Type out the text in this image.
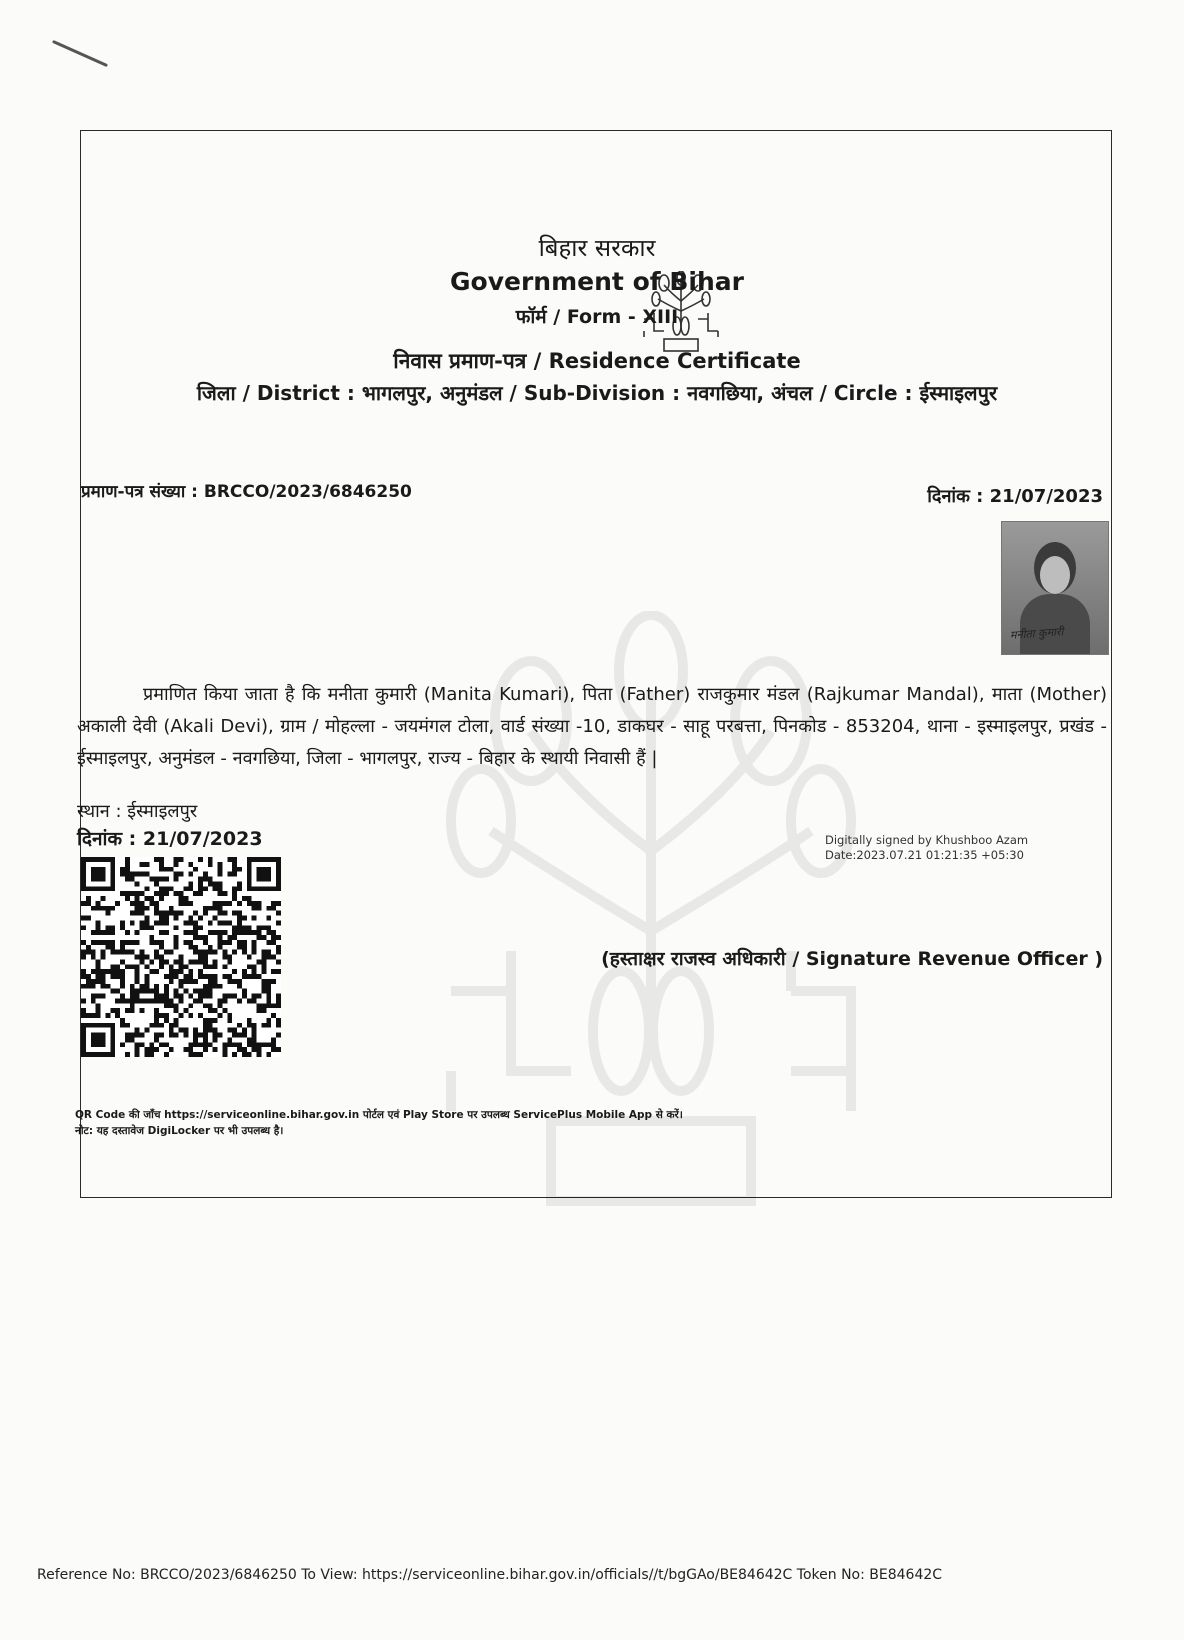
बिहार सरकार
Government of Bihar
फॉर्म / Form - XIII
निवास प्रमाण-पत्र / Residence Certificate
जिला / District : भागलपुर, अनुमंडल / Sub-Division : नवगछिया, अंचल / Circle : ईस्माइलपुर
प्रमाण-पत्र संख्या : BRCCO/2023/6846250	दिनांक : 21/07/2023
मनीता कुमारी
प्रमाणित किया जाता है कि मनीता कुमारी (Manita Kumari), पिता (Father) राजकुमार मंडल (Rajkumar Mandal), माता (Mother) अकाली देवी (Akali Devi), ग्राम / मोहल्ला - जयमंगल टोला, वार्ड संख्या -10, डाकघर - साहू परबत्ता, पिनकोड - 853204, थाना - इस्माइलपुर, प्रखंड - ईस्माइलपुर, अनुमंडल - नवगछिया, जिला - भागलपुर, राज्य - बिहार के स्थायी निवासी हैं |
स्थान : ईस्माइलपुर
दिनांक : 21/07/2023	Digitally signed by Khushboo Azam
Date:2023.07.21 01:21:35 +05:30
(हस्ताक्षर राजस्व अधिकारी / Signature Revenue Officer )
QR Code की जाँच https://serviceonline.bihar.gov.in पोर्टल एवं Play Store पर उपलब्ध ServicePlus Mobile App से करें।
नोट: यह दस्तावेज DigiLocker पर भी उपलब्ध है।
Reference No: BRCCO/2023/6846250 To View: https://serviceonline.bihar.gov.in/officials//t/bgGAo/BE84642C Token No: BE84642C
